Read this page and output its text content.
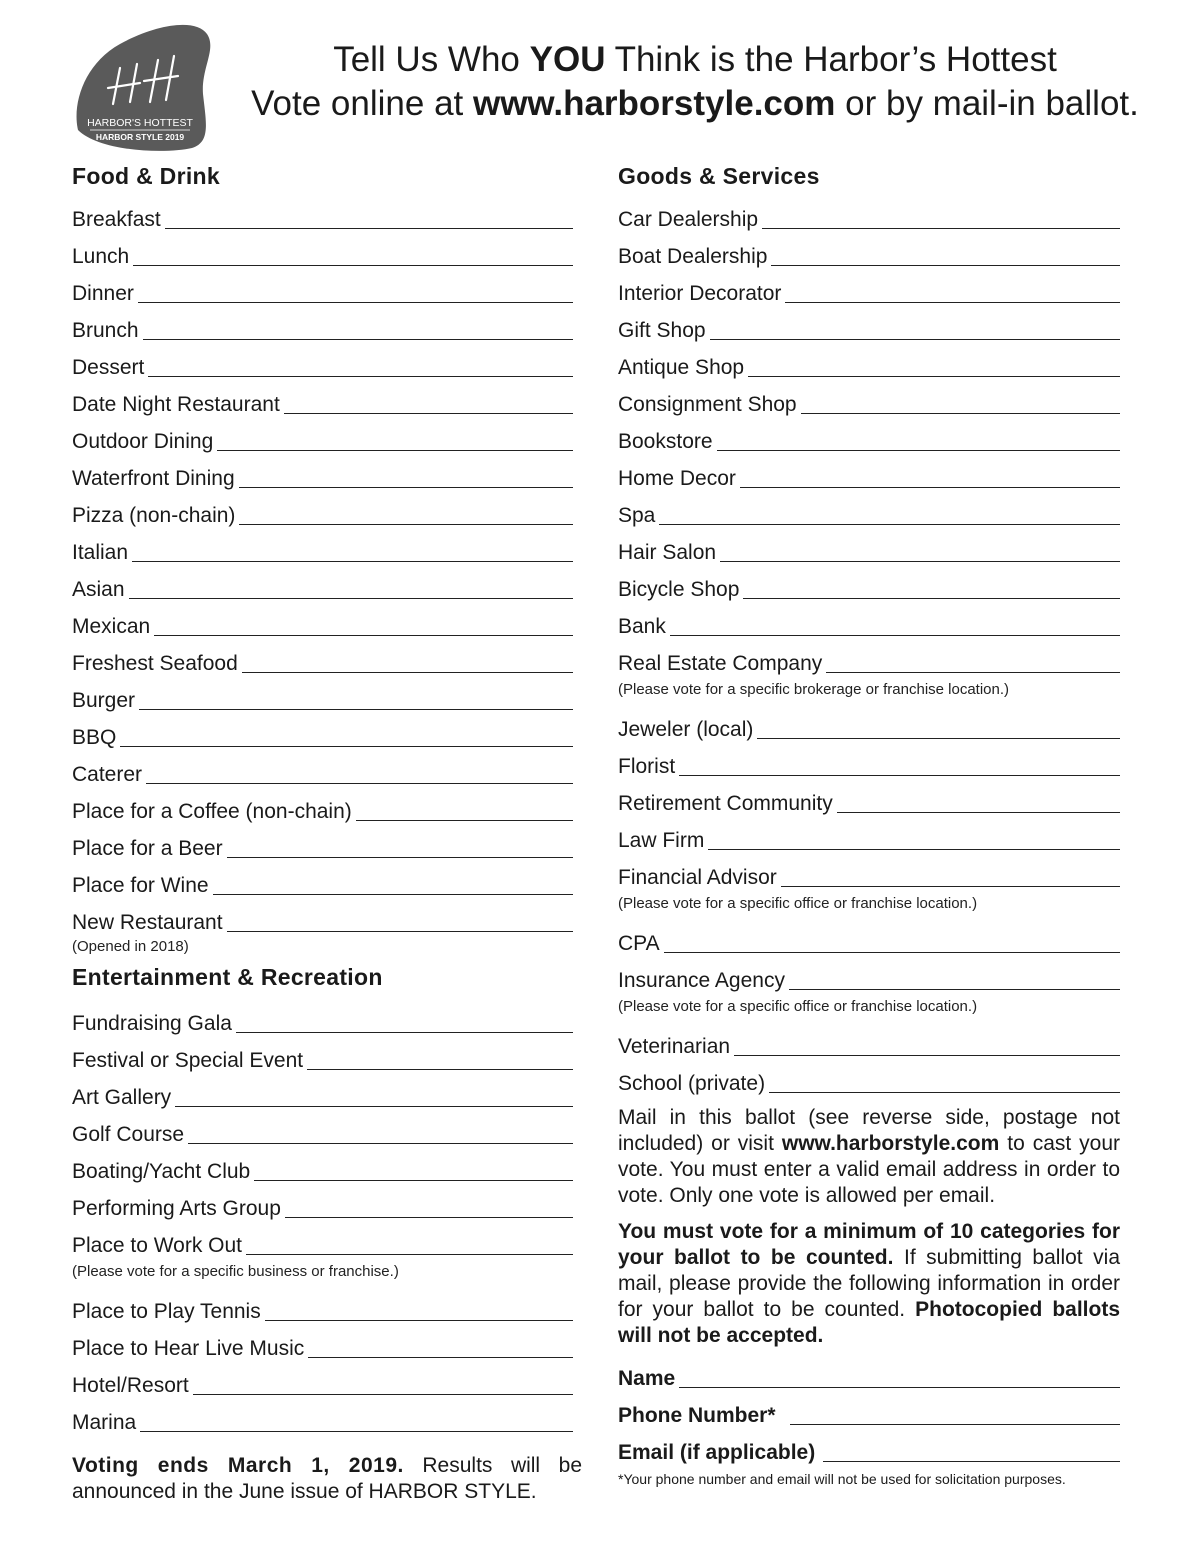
HARBOR'S HOTTEST
HARBOR STYLE 2019
Tell Us Who YOU Think is the Harbor’s Hottest
Vote online at www.harborstyle.com or by mail-in ballot.
Food & Drink
Breakfast
Lunch
Dinner
Brunch
Dessert
Date Night Restaurant
Outdoor Dining
Waterfront Dining
Pizza (non-chain)
Italian
Asian
Mexican
Freshest Seafood
Burger
BBQ
Caterer
Place for a Coffee (non-chain)
Place for a Beer
Place for Wine
New Restaurant
(Opened in 2018)
Entertainment & Recreation
Fundraising Gala
Festival or Special Event
Art Gallery
Golf Course
Boating/Yacht Club
Performing Arts Group
Place to Work Out
(Please vote for a specific business or franchise.)
Place to Play Tennis
Place to Hear Live Music
Hotel/Resort
Marina
Voting ends March 1, 2019. Results will be announced in the June issue of HARBOR STYLE.
Goods & Services
Car Dealership
Boat Dealership
Interior Decorator
Gift Shop
Antique Shop
Consignment Shop
Bookstore
Home Decor
Spa
Hair Salon
Bicycle Shop
Bank
Real Estate Company
(Please vote for a specific brokerage or franchise location.)
Jeweler (local)
Florist
Retirement Community
Law Firm
Financial Advisor
(Please vote for a specific office or franchise location.)
CPA
Insurance Agency
(Please vote for a specific office or franchise location.)
Veterinarian
School (private)
Mail in this ballot (see reverse side, postage not included) or visit www.harborstyle.com to cast your vote. You must enter a valid email address in order to vote. Only one vote is allowed per email.
You must vote for a minimum of 10 categories for your ballot to be counted. If submitting ballot via mail, please provide the following information in order for your ballot to be counted. Photocopied ballots will not be accepted.
Name
Phone Number*
Email (if applicable)
*Your phone number and email will not be used for solicitation purposes.
